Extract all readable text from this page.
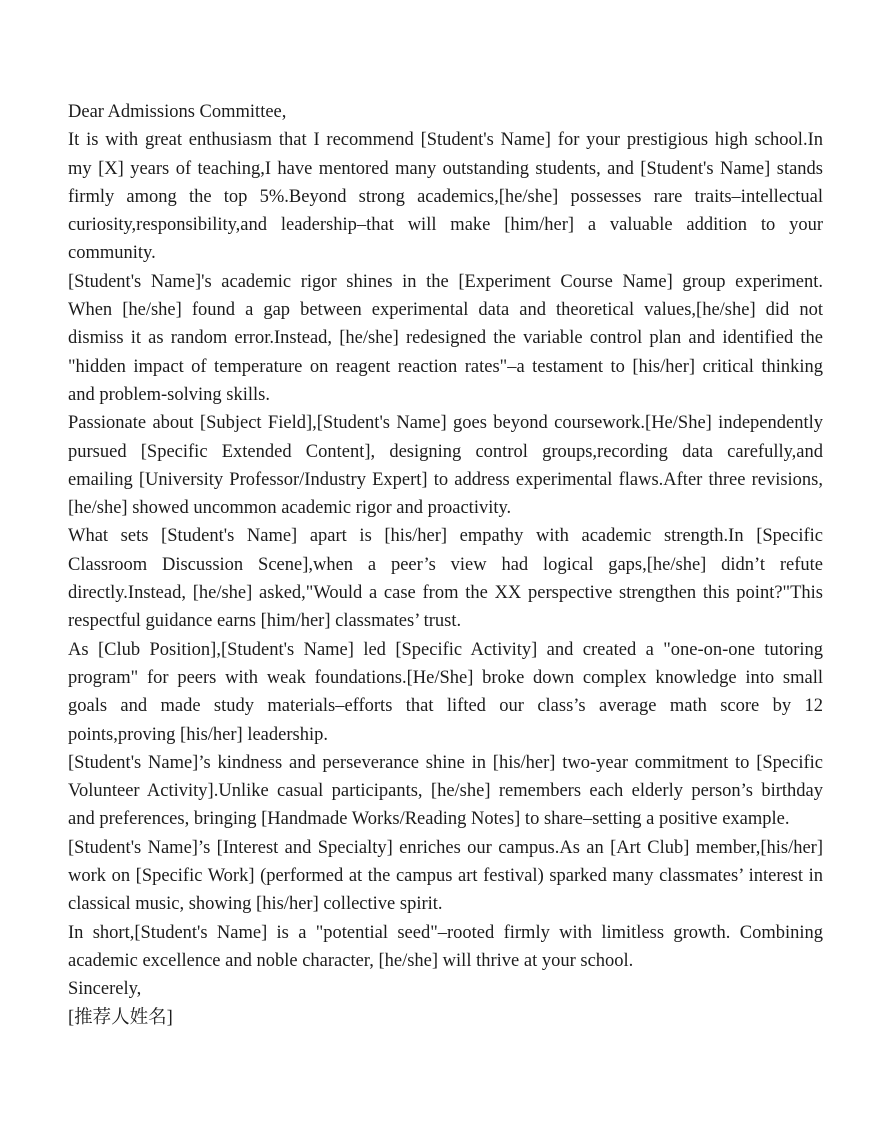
Dear Admissions Committee,

It is with great enthusiasm that I recommend [Student's Name] for your prestigious high school.In

my [X] years of teaching,I have mentored many outstanding students, and [Student's Name] stands

firmly among the top 5%.Beyond strong academics,[he/she] possesses rare traits–intellectual

curiosity,responsibility,and leadership–that will make [him/her] a valuable addition to your

community.

[Student's Name]'s academic rigor shines in the [Experiment Course Name] group experiment.

When [he/she] found a gap between experimental data and theoretical values,[he/she] did not

dismiss it as random error.Instead, [he/she] redesigned the variable control plan and identified the

"hidden impact of temperature on reagent reaction rates"–a testament to [his/her] critical thinking

and problem-solving skills.

Passionate about [Subject Field],[Student's Name] goes beyond coursework.[He/She] independently

pursued [Specific Extended Content], designing control groups,recording data carefully,and

emailing [University Professor/Industry Expert] to address experimental flaws.After three revisions,

[he/she] showed uncommon academic rigor and proactivity.

What sets [Student's Name] apart is [his/her] empathy with academic strength.In [Specific

Classroom Discussion Scene],when a peer’s view had logical gaps,[he/she] didn’t refute

directly.Instead, [he/she] asked,"Would a case from the XX perspective strengthen this point?"This

respectful guidance earns [him/her] classmates’ trust.

As [Club Position],[Student's Name] led [Specific Activity] and created a "one-on-one tutoring

program" for peers with weak foundations.[He/She] broke down complex knowledge into small

goals and made study materials–efforts that lifted our class’s average math score by 12

points,proving [his/her] leadership.

[Student's Name]’s kindness and perseverance shine in [his/her] two-year commitment to [Specific

Volunteer Activity].Unlike casual participants, [he/she] remembers each elderly person’s birthday

and preferences, bringing [Handmade Works/Reading Notes] to share–setting a positive example.

[Student's Name]’s [Interest and Specialty] enriches our campus.As an [Art Club] member,[his/her]

work on [Specific Work] (performed at the campus art festival) sparked many classmates’ interest in

classical music, showing [his/her] collective spirit.

In short,[Student's Name] is a "potential seed"–rooted firmly with limitless growth. Combining

academic excellence and noble character, [he/she] will thrive at your school.

Sincerely,

[推荐人姓名]
